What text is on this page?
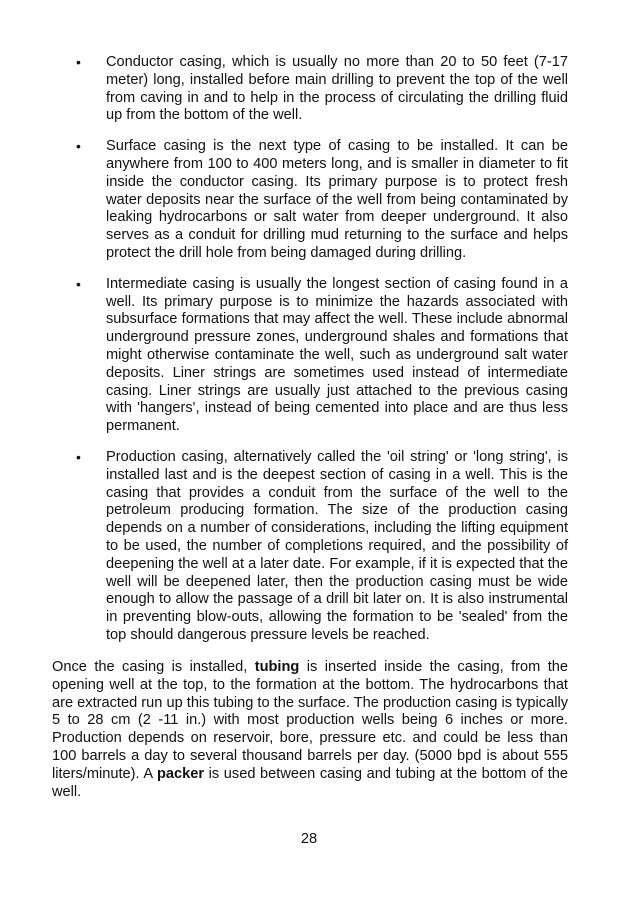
• Conductor casing, which is usually no more than 20 to 50 feet (7-17 meter) long, installed before main drilling to prevent the top of the well from caving in and to help in the process of circulating the drilling fluid up from the bottom of the well.
• Surface casing is the next type of casing to be installed. It can be anywhere from 100 to 400 meters long, and is smaller in diameter to fit inside the conductor casing. Its primary purpose is to protect fresh water deposits near the surface of the well from being contaminated by leaking hydrocarbons or salt water from deeper underground. It also serves as a conduit for drilling mud returning to the surface and helps protect the drill hole from being damaged during drilling.
• Intermediate casing is usually the longest section of casing found in a well. Its primary purpose is to minimize the hazards associated with subsurface formations that may affect the well. These include abnormal underground pressure zones, underground shales and formations that might otherwise contaminate the well, such as underground salt water deposits. Liner strings are sometimes used instead of intermediate casing. Liner strings are usually just attached to the previous casing with 'hangers', instead of being cemented into place and are thus less permanent.
• Production casing, alternatively called the 'oil string' or 'long string', is installed last and is the deepest section of casing in a well. This is the casing that provides a conduit from the surface of the well to the petroleum producing formation. The size of the production casing depends on a number of considerations, including the lifting equipment to be used, the number of completions required, and the possibility of deepening the well at a later date. For example, if it is expected that the well will be deepened later, then the production casing must be wide enough to allow the passage of a drill bit later on. It is also instrumental in preventing blow-outs, allowing the formation to be 'sealed' from the top should dangerous pressure levels be reached.

Once the casing is installed, tubing is inserted inside the casing, from the opening well at the top, to the formation at the bottom. The hydrocarbons that are extracted run up this tubing to the surface. The production casing is typically 5 to 28 cm (2 -11 in.) with most production wells being 6 inches or more. Production depends on reservoir, bore, pressure etc. and could be less than 100 barrels a day to several thousand barrels per day. (5000 bpd is about 555 liters/minute). A packer is used between casing and tubing at the bottom of the well.

28
